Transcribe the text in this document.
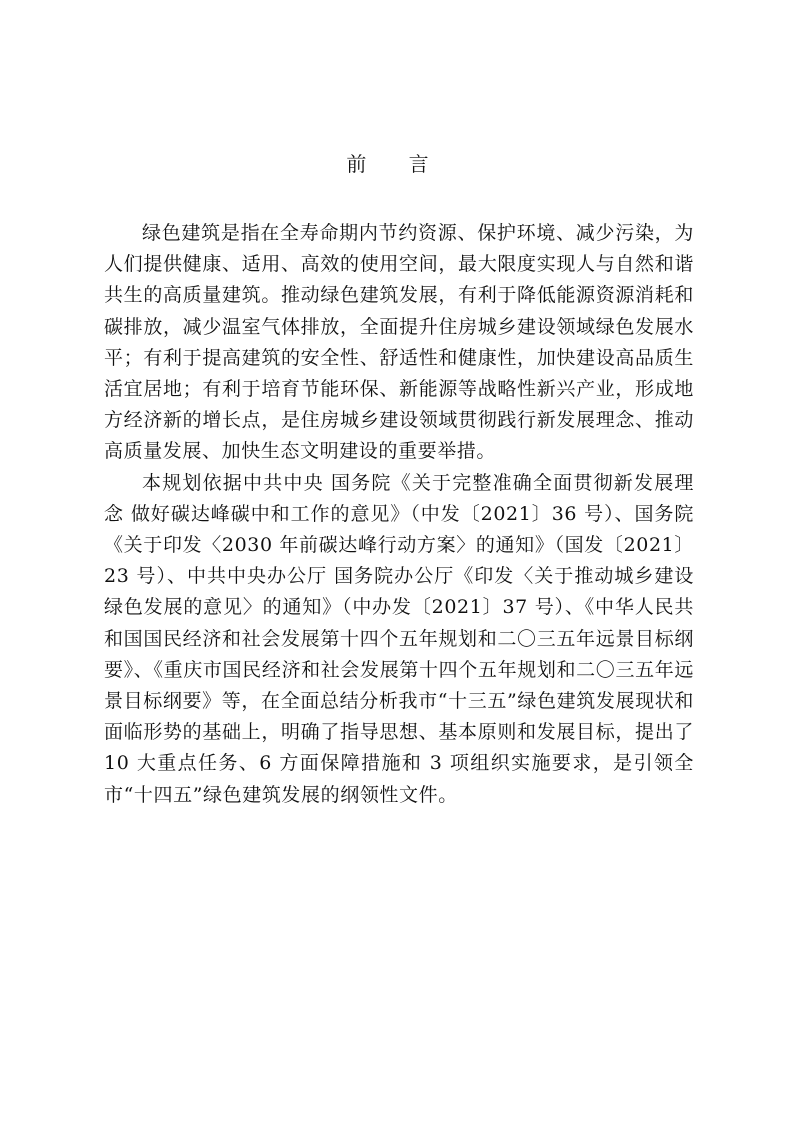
前 言

绿色建筑是指在全寿命期内节约资源、保护环境、减少污染，为人们提供健康、适用、高效的使用空间，最大限度实现人与自然和谐共生的高质量建筑。推动绿色建筑发展，有利于降低能源资源消耗和碳排放，减少温室气体排放，全面提升住房城乡建设领域绿色发展水平；有利于提高建筑的安全性、舒适性和健康性，加快建设高品质生活宜居地；有利于培育节能环保、新能源等战略性新兴产业，形成地方经济新的增长点，是住房城乡建设领域贯彻践行新发展理念、推动高质量发展、加快生态文明建设的重要举措。

本规划依据中共中央 国务院《关于完整准确全面贯彻新发展理念 做好碳达峰碳中和工作的意见》（中发〔2021〕36 号）、国务院《关于印发〈2030 年前碳达峰行动方案〉的通知》（国发〔2021〕23 号）、中共中央办公厅 国务院办公厅《印发〈关于推动城乡建设绿色发展的意见〉的通知》（中办发〔2021〕37 号）、《中华人民共和国国民经济和社会发展第十四个五年规划和二〇三五年远景目标纲要》、《重庆市国民经济和社会发展第十四个五年规划和二〇三五年远景目标纲要》等，在全面总结分析我市“十三五”绿色建筑发展现状和面临形势的基础上，明确了指导思想、基本原则和发展目标，提出了 10 大重点任务、6 方面保障措施和 3 项组织实施要求，是引领全市“十四五”绿色建筑发展的纲领性文件。
